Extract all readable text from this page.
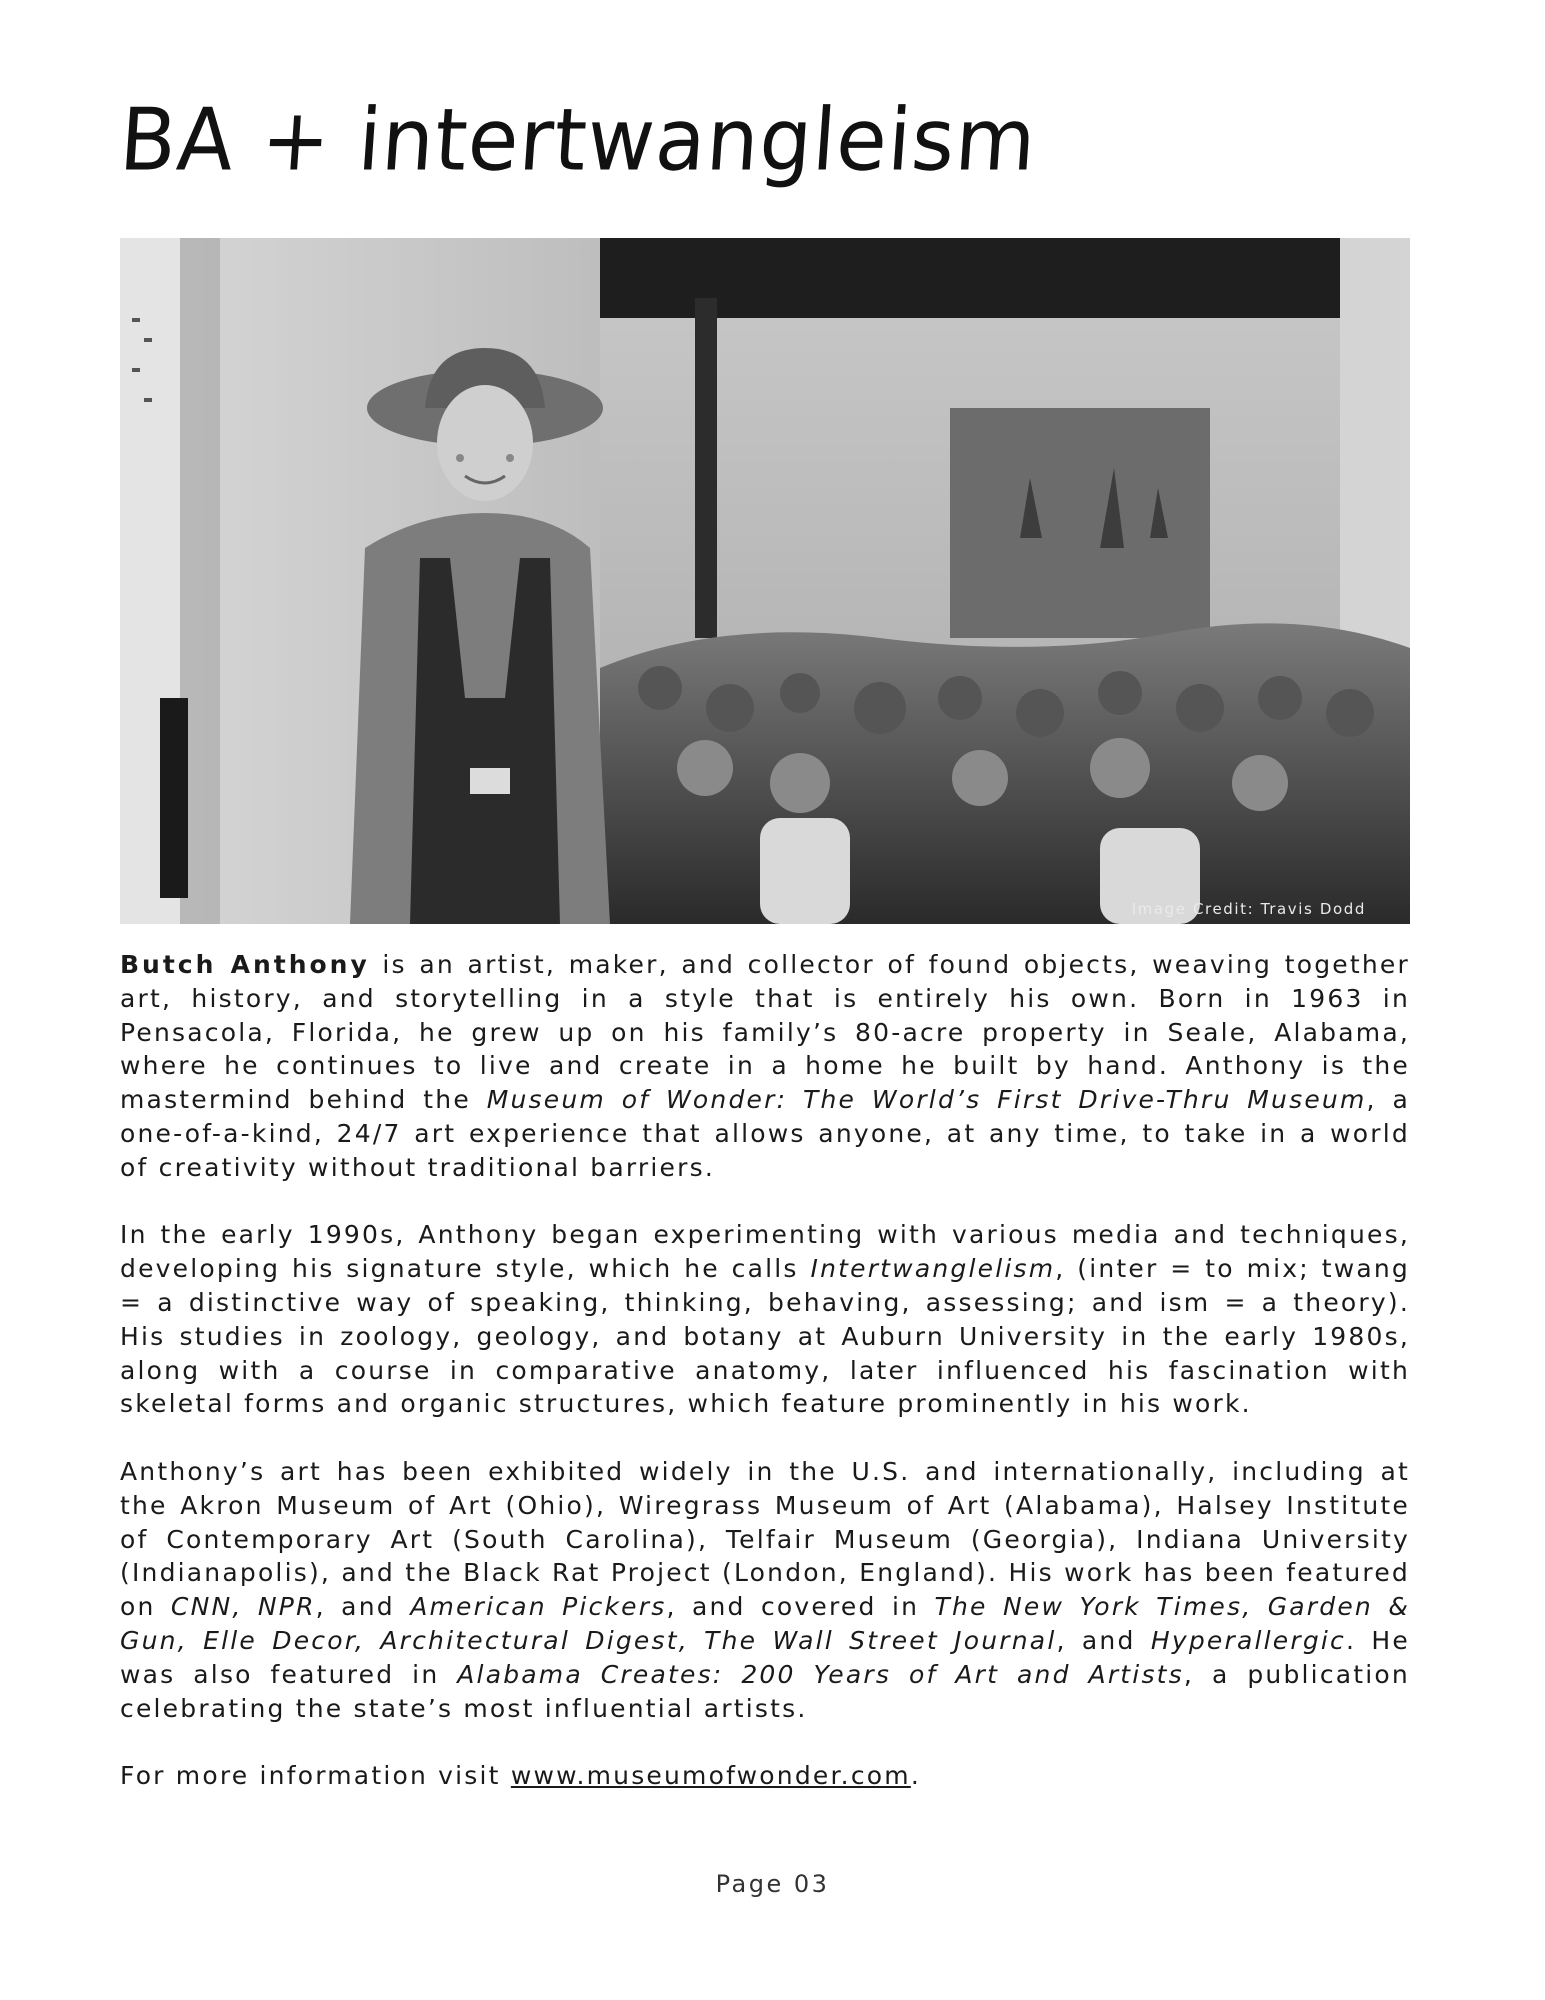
BA + intertwangleism
Image Credit: Travis Dodd

Butch Anthony is an artist, maker, and collector of found objects, weaving together art, history, and storytelling in a style that is entirely his own. Born in 1963 in Pensacola, Florida, he grew up on his family’s 80-acre property in Seale, Alabama, where he continues to live and create in a home he built by hand. Anthony is the mastermind behind the Museum of Wonder: The World’s First Drive-Thru Museum, a one-of-a-kind, 24/7 art experience that allows anyone, at any time, to take in a world of creativity without traditional barriers.

In the early 1990s, Anthony began experimenting with various media and techniques, developing his signature style, which he calls Intertwanglelism, (inter = to mix; twang = a distinctive way of speaking, thinking, behaving, assessing; and ism = a theory). His studies in zoology, geology, and botany at Auburn University in the early 1980s, along with a course in comparative anatomy, later influenced his fascination with skeletal forms and organic structures, which feature prominently in his work.

Anthony’s art has been exhibited widely in the U.S. and internationally, including at the Akron Museum of Art (Ohio), Wiregrass Museum of Art (Alabama), Halsey Institute of Contemporary Art (South Carolina), Telfair Museum (Georgia), Indiana University (Indianapolis), and the Black Rat Project (London, England). His work has been featured on CNN, NPR, and American Pickers, and covered in The New York Times, Garden & Gun, Elle Decor, Architectural Digest, The Wall Street Journal, and Hyperallergic. He was also featured in Alabama Creates: 200 Years of Art and Artists, a publication celebrating the state’s most influential artists.

For more information visit www.museumofwonder.com.

Page 03
